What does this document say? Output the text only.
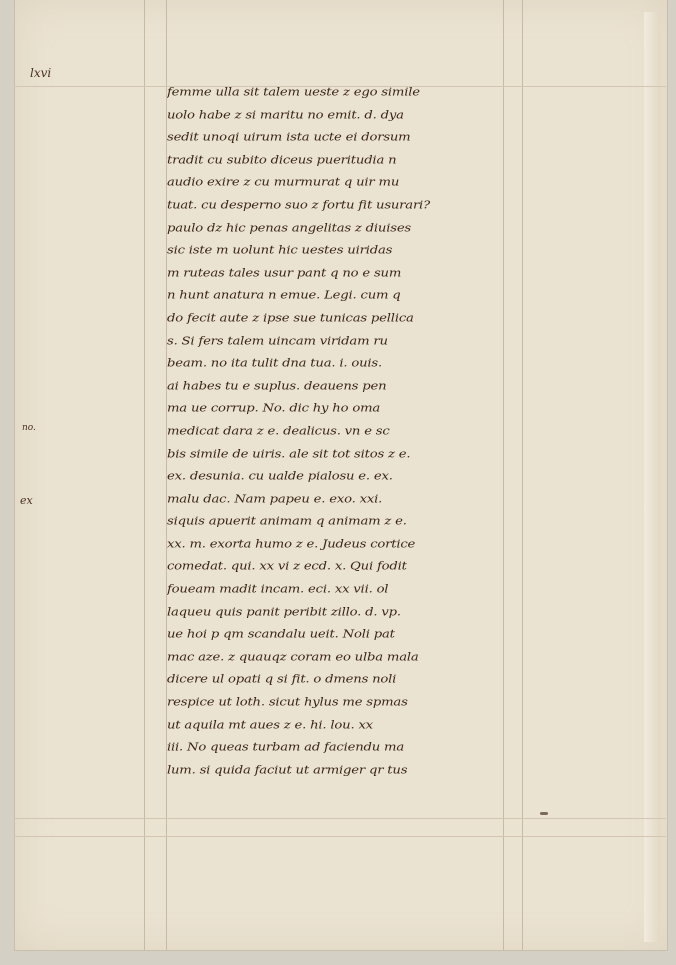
lxvi
no.
ex
femme ulla sit talem ueste z ego simile
uolo habe z si maritu no emit. d. dya
sedit unoqi uirum ista ucte ei dorsum
tradit cu subito diceus pueritudia n
audio exire z cu murmurat q uir mu
tuat. cu desperno suo z fortu fit usurari?
paulo dz hic penas angelitas z diuises
sic iste m uolunt hic uestes uiridas
m ruteas tales usur pant q no e sum
n hunt anatura n emue. Legi. cum q
do fecit aute z ipse sue tunicas pellica
s. Si fers talem uincam viridam ru
beam. no ita tulit dna tua. i. ouis.
ai habes tu e suplus. deauens pen
ma ue corrup. No. dic hy ho oma
medicat dara z e. dealicus. vn e sc
bis simile de uiris. ale sit tot sitos z e.
ex. desunia. cu ualde pialosu e. ex.
malu dac. Nam papeu e. exo. xxi.
siquis apuerit animam q animam z e.
xx. m. exorta humo z e. Judeus cortice
comedat. qui. xx vi z ecd. x. Qui fodit
foueam madit incam. eci. xx vii. ol
laqueu quis panit peribit zillo. d. vp.
ue hoi p qm scandalu ueit. Noli pat
mac aze. z quauqz coram eo ulba mala
dicere ul opati q si fit. o dmens noli
respice ut loth. sicut hylus me spmas
ut aquila mt aues z e. hi. lou. xx
iii. No queas turbam ad faciendu ma
lum. si quida faciut ut armiger qr tus
